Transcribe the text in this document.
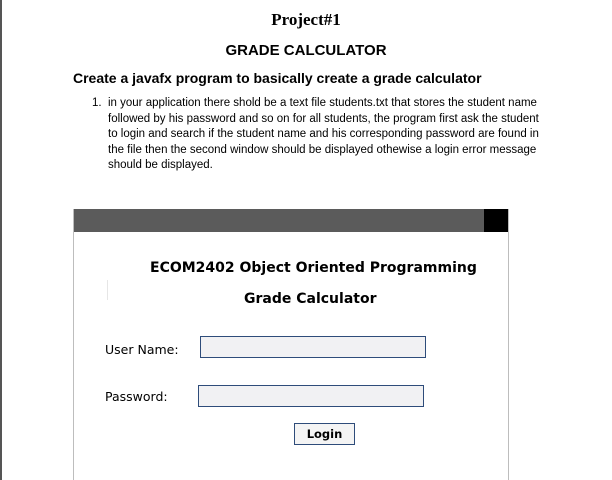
Project#1
GRADE CALCULATOR
Create a javafx program to basically create a grade calculator
1. in your application there shold be a text file students.txt that stores the student name followed by his password and so on for all students, the program first ask the student to login and search if the student name and his corresponding password are found in the file then the second window should be displayed othewise a login error message should be displayed.
ECOM2402 Object Oriented Programming
Grade Calculator
User Name:
Password:
Login
